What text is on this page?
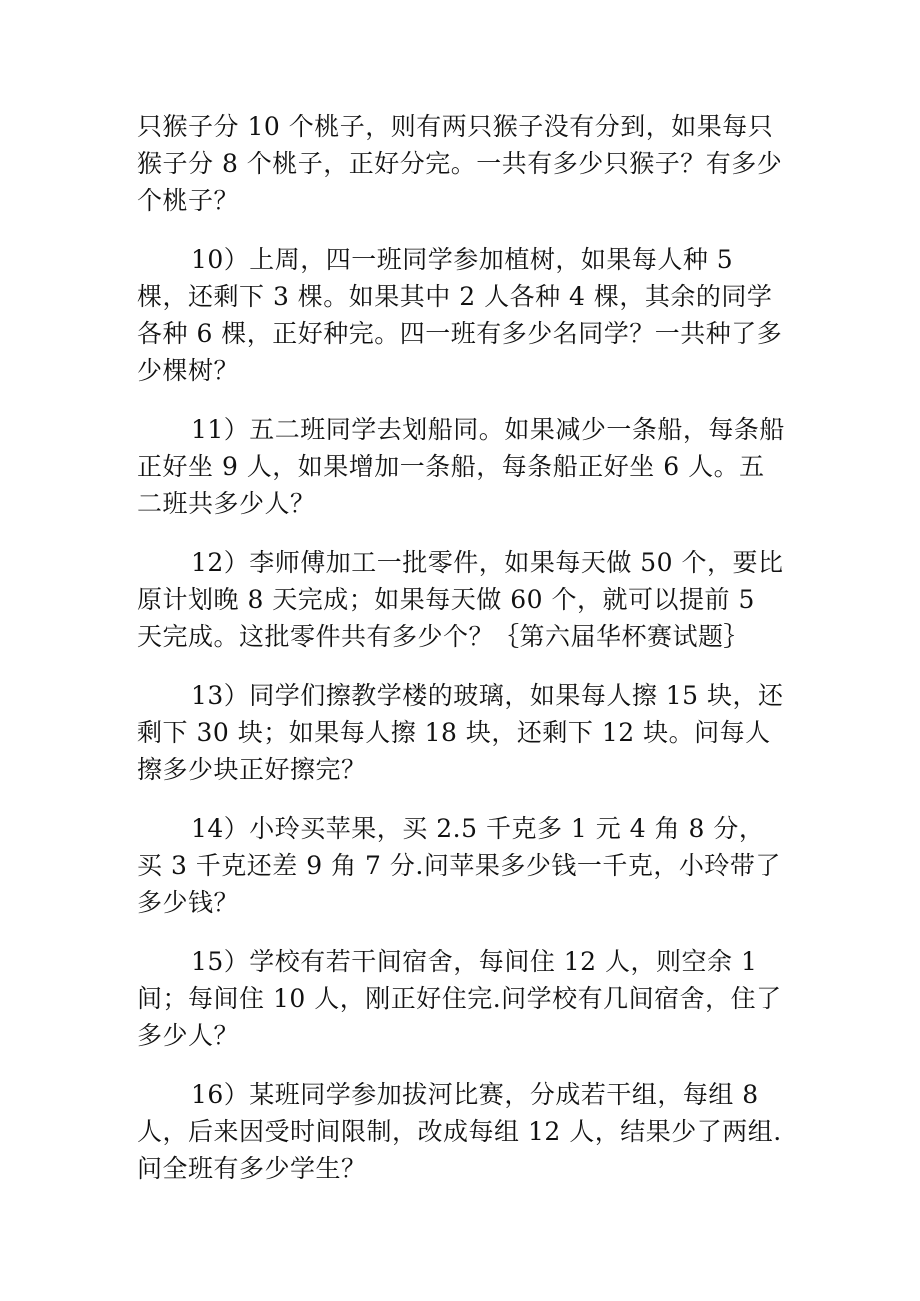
只猴子分 10 个桃子，则有两只猴子没有分到，如果每只猴子分 8 个桃子，正好分完。一共有多少只猴子？有多少个桃子？

10）上周，四一班同学参加植树，如果每人种 5 棵，还剩下 3 棵。如果其中 2 人各种 4 棵，其余的同学各种 6 棵，正好种完。四一班有多少名同学？一共种了多少棵树？

11）五二班同学去划船同。如果减少一条船，每条船正好坐 9 人，如果增加一条船，每条船正好坐 6 人。五二班共多少人？

12）李师傅加工一批零件，如果每天做 50 个，要比原计划晚 8 天完成；如果每天做 60 个，就可以提前 5 天完成。这批零件共有多少个？｛第六届华杯赛试题｝

13）同学们擦教学楼的玻璃，如果每人擦 15 块，还剩下 30 块；如果每人擦 18 块，还剩下 12 块。问每人擦多少块正好擦完？

14）小玲买苹果，买 2.5 千克多 1 元 4 角 8 分，买 3 千克还差 9 角 7 分.问苹果多少钱一千克，小玲带了多少钱？

15）学校有若干间宿舍，每间住 12 人，则空余 1 间；每间住 10 人，刚正好住完.问学校有几间宿舍，住了多少人？

16）某班同学参加拔河比赛，分成若干组，每组 8 人，后来因受时间限制，改成每组 12 人，结果少了两组.问全班有多少学生？
